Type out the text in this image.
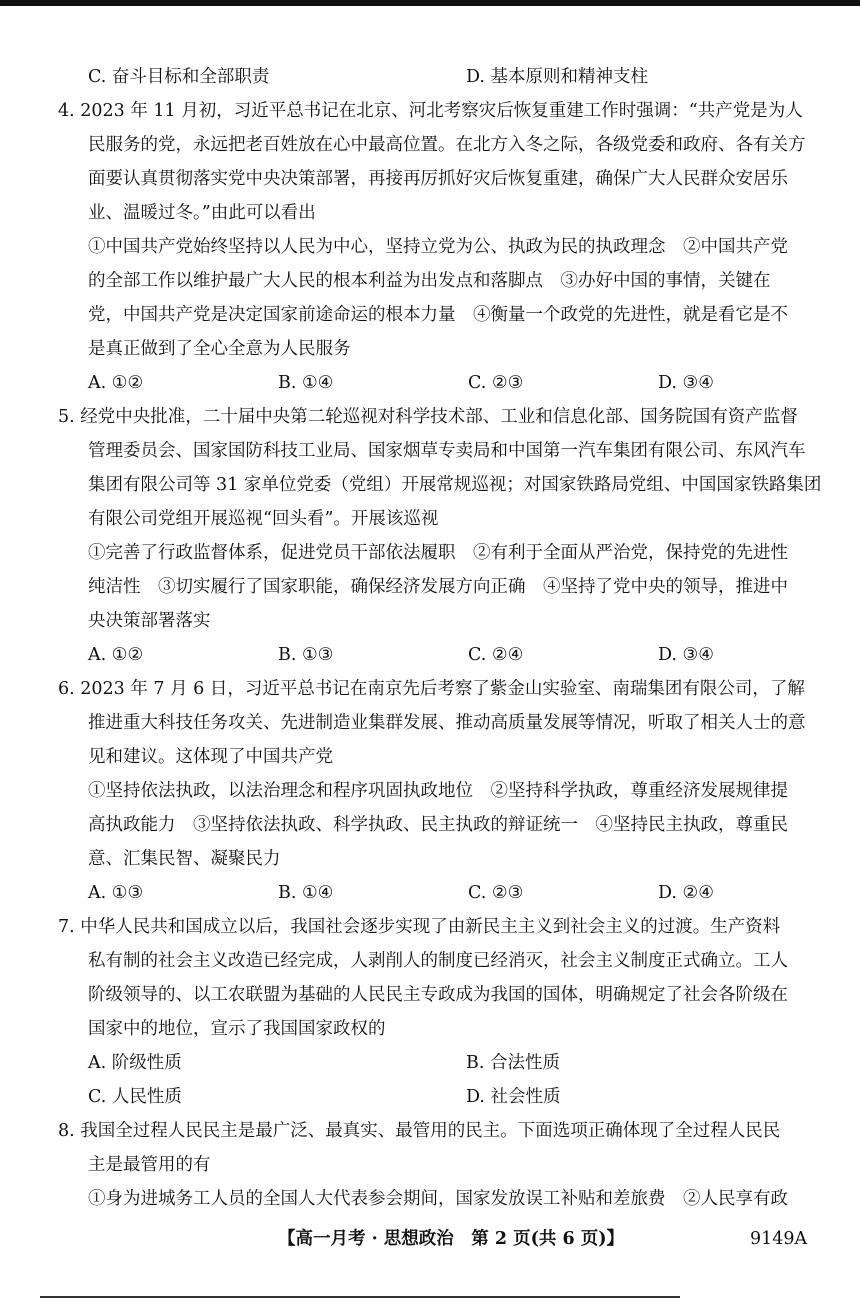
C. 奋斗目标和全部职责	D. 基本原则和精神支柱
4. 2023 年 11 月初，习近平总书记在北京、河北考察灾后恢复重建工作时强调：“共产党是为人
民服务的党，永远把老百姓放在心中最高位置。在北方入冬之际，各级党委和政府、各有关方
面要认真贯彻落实党中央决策部署，再接再厉抓好灾后恢复重建，确保广大人民群众安居乐
业、温暖过冬。”由此可以看出
①中国共产党始终坚持以人民为中心，坚持立党为公、执政为民的执政理念　②中国共产党
的全部工作以维护最广大人民的根本利益为出发点和落脚点　③办好中国的事情，关键在
党，中国共产党是决定国家前途命运的根本力量　④衡量一个政党的先进性，就是看它是不
是真正做到了全心全意为人民服务
A. ①②	B. ①④	C. ②③	D. ③④
5. 经党中央批准，二十届中央第二轮巡视对科学技术部、工业和信息化部、国务院国有资产监督
管理委员会、国家国防科技工业局、国家烟草专卖局和中国第一汽车集团有限公司、东风汽车
集团有限公司等 31 家单位党委（党组）开展常规巡视；对国家铁路局党组、中国国家铁路集团
有限公司党组开展巡视“回头看”。开展该巡视
①完善了行政监督体系，促进党员干部依法履职　②有利于全面从严治党，保持党的先进性
纯洁性　③切实履行了国家职能，确保经济发展方向正确　④坚持了党中央的领导，推进中
央决策部署落实
A. ①②	B. ①③	C. ②④	D. ③④
6. 2023 年 7 月 6 日，习近平总书记在南京先后考察了紫金山实验室、南瑞集团有限公司，了解
推进重大科技任务攻关、先进制造业集群发展、推动高质量发展等情况，听取了相关人士的意
见和建议。这体现了中国共产党
①坚持依法执政，以法治理念和程序巩固执政地位　②坚持科学执政，尊重经济发展规律提
高执政能力　③坚持依法执政、科学执政、民主执政的辩证统一　④坚持民主执政，尊重民
意、汇集民智、凝聚民力
A. ①③	B. ①④	C. ②③	D. ②④
7. 中华人民共和国成立以后，我国社会逐步实现了由新民主主义到社会主义的过渡。生产资料
私有制的社会主义改造已经完成，人剥削人的制度已经消灭，社会主义制度正式确立。工人
阶级领导的、以工农联盟为基础的人民民主专政成为我国的国体，明确规定了社会各阶级在
国家中的地位，宣示了我国国家政权的
A. 阶级性质	B. 合法性质
C. 人民性质	D. 社会性质
8. 我国全过程人民民主是最广泛、最真实、最管用的民主。下面选项正确体现了全过程人民民
主是最管用的有
①身为进城务工人员的全国人大代表参会期间，国家发放误工补贴和差旅费　②人民享有政
【高一月考 · 思想政治　第 2 页(共 6 页)】	9149A
